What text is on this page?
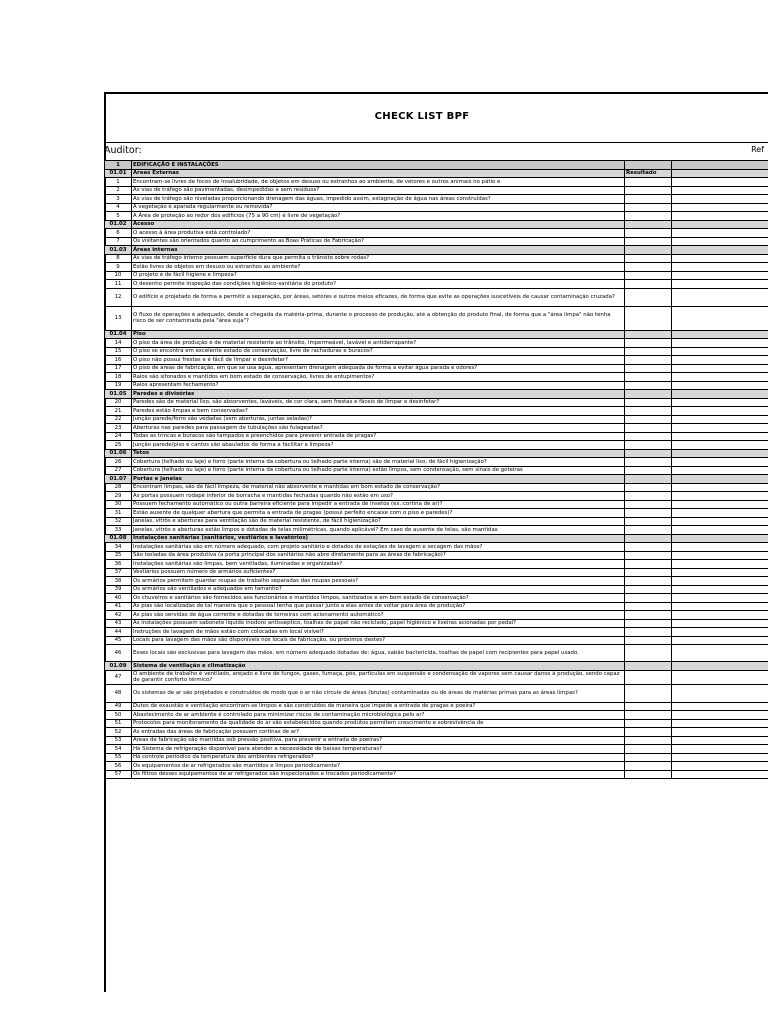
CHECK LIST BPF
Auditor:	Ref
1	EDIFICAÇÃO E INSTALAÇÕES		
01.01	Áreas Externas	Resultado	
1	Encontram-se livres de focos de insalubridade, de objetos em desuso ou estranhos ao ambiente, de vetores e outros animais no pátio e		
2	As vias de tráfego são pavimentadas, desimpedidas e sem resíduos?		
3	As vias de tráfego são niveladas proporcionando drenagem das águas, impedido assim, estagnação de água nas áreas construídas?		
4	A vegetação é aparada regularmente ou removida?		
5	A Área de proteção ao redor dos edifícios (75 a 90 cm) é livre de vegetação?		
01.02	Acesso		
6	O acesso à área produtiva está controlado?		
7	Os visitantes são orientados quanto ao cumprimento as Boas Práticas de Fabricação?		
01.03	Áreas internas		
8	As vias de tráfego interno possuem superfície dura que permita o trânsito sobre rodas?		
9	Estão livres de objetos em desuso ou estranhos ao ambiente?		
10	O projeto é de fácil higiene e limpeza?		
11	O desenho permite inspeção das condições higiênico-sanitária do produto?		
12	O edifício e projetado de forma a permitir a separação, por áreas, setores e outros meios eficazes, de forma que evite as operações suscetíveis de causar contaminação cruzada?		
13	O fluxo de operações é adequado, desde a chegada da matéria-prima, durante o processo de produção, até a obtenção do produto final, de forma que a "área limpa" não tenha risco de ser contaminada pela "área suja"?		
01.04	Piso		
14	O piso da área de produção é de material resistente ao trânsito, impermeável, lavável e antiderrapante?		
15	O piso se encontra em excelente estado de conservação, livre de rachaduras e buracos?		
16	O piso não possui frestas e é fácil de limpar e desinfetar?		
17	O piso de áreas de fabricação, em que se usa água, apresentam drenagem adequada de forma a evitar água parada e odores?		
18	Ralos são sifonados e mantidos em bom estado de conservação, livres de entupimentos?		
19	Ralos apresentam fechamento?		
01.05	Paredes e divisórias		
20	Paredes são de material liso, são absorventes, laváveis, de cor clara, sem frestas e fáceis de limpar e desinfetar?		
21	Paredes estão limpas e bem conservadas?		
22	Junção parede/forro são vedadas (sem aberturas, juntas seladas)?		
23	Aberturas nas paredes para passagem de tubulações são fulageadas?		
24	Todas as trincas e buracos são tampados e preenchidos para prevenir entrada de pragas?		
25	Junção parede/piso e cantos são abaulados de forma a facilitar a limpeza?		
01.06	Tetos		
26	Cobertura (telhado ou laje) e forro (parte interna da cobertura ou telhado parte interna) são de material liso, de fácil higienização?		
27	Cobertura (telhado ou laje) e forro (parte interna da cobertura ou telhado parte interna) estão limpos, sem condensação, sem sinais de goteiras		
01.07	Portas e janelas		
28	Encontram limpas, são de fácil limpeza, de material não absorvente e mantidas em bom estado de conservação?		
29	As portas possuem rodapé inferior de borracha e mantidas fechadas quando não estão em uso?		
30	Possuem fechamento automático ou outra barreira eficiente para impedir a entrada de insetos (ex.:cortina de ar)?		
31	Estão ausente de qualquer abertura que permita a entrada de pragas (possui perfeito encaixe com o piso e paredes)?		
32	Janelas, vitrôs e aberturas para ventilação são de material resistente, de fácil higienização?		
33	Janelas, vitrôs e aberturas estão limpos e dotadas de telas milimétricas, quando aplicável? Em caso de ausente de telas, são mantidas		
01.08	Instalações sanitárias (sanitários, vestiários e lavatórios)		
34	Instalações sanitárias são em número adequado, com projeto sanitário e dotados de estações de lavagem e secagem das mãos?		
35	São isoladas da área produtiva (a porta principal dos sanitários não abre diretamente para as áreas de fabricação)?		
36	Instalações sanitárias são limpas, bem ventiladas, iluminadas e organizadas?		
37	Vestiários possuem número de armários suficientes?		
38	Os armários permitem guardar roupas de trabalho separadas das roupas pessoais?		
39	Os armários são ventilados e adequados em tamanho?		
40	Os chuveiros e sanitários são fornecidos aos funcionários e mantidos limpos, sanitizados e em bom estado de conservação?		
41	As pias são localizadas de tal maneira que o pessoal tenha que passar junto a elas antes de voltar para área de produção?		
42	As pias são servidas de água corrente e dotadas de torneiras com acionamento automático?		
43	As instalações possuem sabonete líquido inodoro antisséptico, toalhas de papel não reciclado, papel higiênico e lixeiras acionadas por pedal?		
44	Instruções de lavagem de mãos estão com colocadas em local visível?		
45	Locais para lavagem das mãos são disponíveis nos locais de fabricação, ou próximos destes?		
46	Esses locais são exclusivas para lavagem das mãos, em número adequado dotadas de: água, sabão bactericida, toalhas de papel com recipientes para papel usado.		
01.09	Sistema de ventilação e climatização		
47	O ambiente de trabalho é ventilado, arejado e livre de fungos, gases, fumaça, pós, partículas em suspensão e condensação de vapores sem causar danos à produção, sendo capaz de garantir conforto térmico?		
48	Os sistemas de ar são projetados e construídos de modo que o ar não circule de áreas (brutas) contaminadas ou de áreas de matérias primas para as áreas limpas?		
49	Dutos de exaustão e ventilação encontram-se limpos e são construídos de maneira que impede a entrada de pragas e poeira?		
50	Abastecimento de ar ambiente é controlado para minimizar riscos de contaminação microbiológica pelo ar?		
51	Protocolos para monitoramento da qualidade do ar são estabelecidos quando produtos permitem crescimento e sobrevivência de		
52	As entradas das áreas de fabricação possuem cortinas de ar?		
53	Áreas de fabricação são mantidas sob pressão positiva, para prevenir a entrada de poeiras?		
54	Há Sistema de refrigeração disponível para atender a necessidade de baixas temperaturas?		
55	Há controle periódico da temperatura dos ambientes refrigerados?		
56	Os equipamentos de ar refrigerados são mantidos e limpos periodicamente?		
57	Os filtros desses equipamentos de ar refrigerados são inspecionados e trocados periodicamente?		
